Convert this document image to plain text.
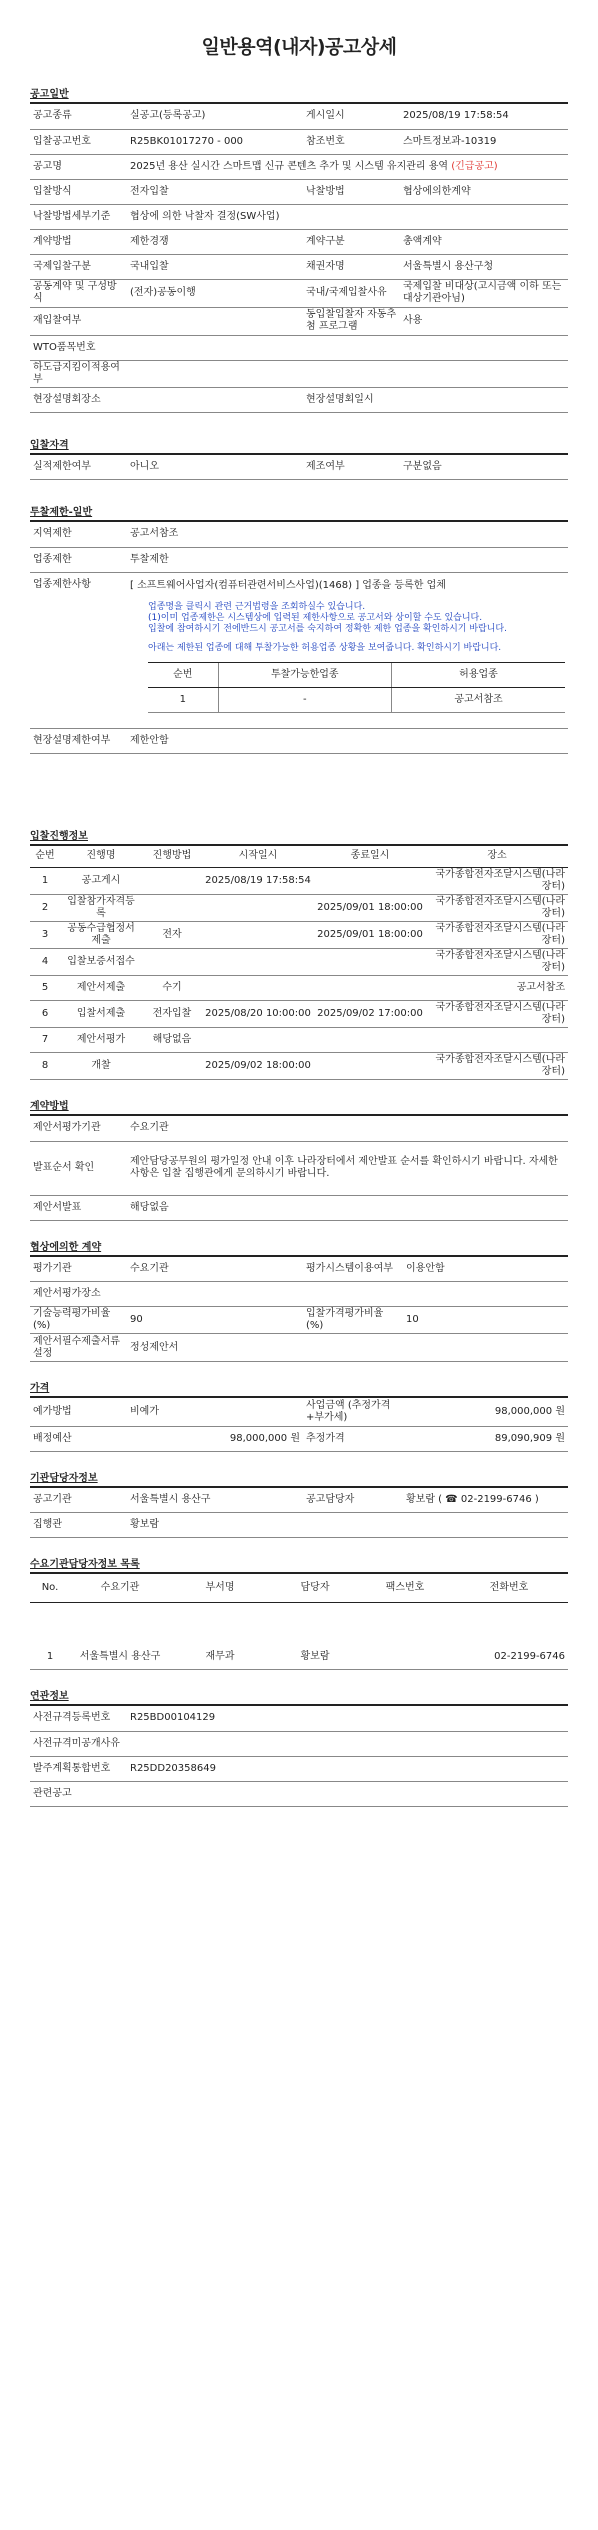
일반용역(내자)공고상세
공고일반
공고종류	실공고(등록공고)	게시일시	2025/08/19 17:58:54
입찰공고번호	R25BK01017270 - 000	참조번호	스마트정보과-10319
공고명	2025년 용산 실시간 스마트맵 신규 콘텐츠 추가 및 시스템 유지관리 용역 (긴급공고)		
입찰방식	전자입찰	낙찰방법	협상에의한계약
낙찰방법세부기준	협상에 의한 낙찰자 결정(SW사업)		
계약방법	제한경쟁	계약구분	총액계약
국제입찰구분	국내입찰	채권자명	서울특별시 용산구청
공동계약 및 구성방식	(전자)공동이행	국내/국제입찰사유	국제입찰 비대상(고시금액 이하 또는 대상기관아님)
재입찰여부		동입찰입찰자 자동추첨 프로그램	사용
WTO품목번호			
하도급지킴이적용여부			
현장설명회장소		현장설명회일시	
입찰자격
실적제한여부	아니오	제조여부	구분없음
투찰제한-일반
지역제한	공고서참조
업종제한	투찰제한
업종제한사항	[ 소프트웨어사업자(컴퓨터관련서비스사업)(1468) ] 업종을 등록한 업체
업종명을 클릭시 관련 근거법령을 조회하실수 있습니다.
(1)이미 업종제한은 시스템상에 입력된 제한사항으로 공고서와 상이할 수도 있습니다.
입찰에 참여하시기 전에반드시 공고서를 숙지하여 정확한 제한 업종을 확인하시기 바랍니다.
아래는 제한된 업종에 대해 투찰가능한 허용업종 상황을 보여줍니다. 확인하시기 바랍니다.
순번	투찰가능한업종	허용업종
1	-	공고서참조

현장설명제한여부	제한안함
입찰진행정보
순번	진행명	진행방법	시작일시	종료일시	장소
1	공고게시		2025/08/19 17:58:54		국가종합전자조달시스템(나라장터)
2	입찰참가자격등록			2025/09/01 18:00:00	국가종합전자조달시스템(나라장터)
3	공동수급협정서제출	전자		2025/09/01 18:00:00	국가종합전자조달시스템(나라장터)
4	입찰보증서접수				국가종합전자조달시스템(나라장터)
5	제안서제출	수기			공고서참조
6	입찰서제출	전자입찰	2025/08/20 10:00:00	2025/09/02 17:00:00	국가종합전자조달시스템(나라장터)
7	제안서평가	해당없음			
8	개찰		2025/09/02 18:00:00		국가종합전자조달시스템(나라장터)
계약방법
제안서평가기관	수요기관
발표순서 확인	제안담당공무원의 평가일정 안내 이후 나라장터에서 제안발표 순서를 확인하시기 바랍니다. 자세한 사항은 입찰 집행관에게 문의하시기 바랍니다.
제안서발표	해당없음
협상에의한 계약
평가기관	수요기관	평가시스템이용여부	이용안함
제안서평가장소			
기술능력평가비율(%)	90	입찰가격평가비율(%)	10
제안서필수제출서류설정	정성제안서		
가격
예가방법	비예가	사업금액 (추정가격+부가세)	98,000,000 원
배정예산	98,000,000 원	추정가격	89,090,909 원
기관담당자정보
공고기관	서울특별시 용산구	공고담당자	황보람 ( ☎ 02-2199-6746 )
집행관	황보람		
수요기관담당자정보 목록
No.	수요기관	부서명	담당자	팩스번호	전화번호
1	서울특별시 용산구	재무과	황보람		02-2199-6746
연관정보
사전규격등록번호	R25BD00104129
사전규격미공개사유	
발주계획통합번호	R25DD20358649
관련공고	
